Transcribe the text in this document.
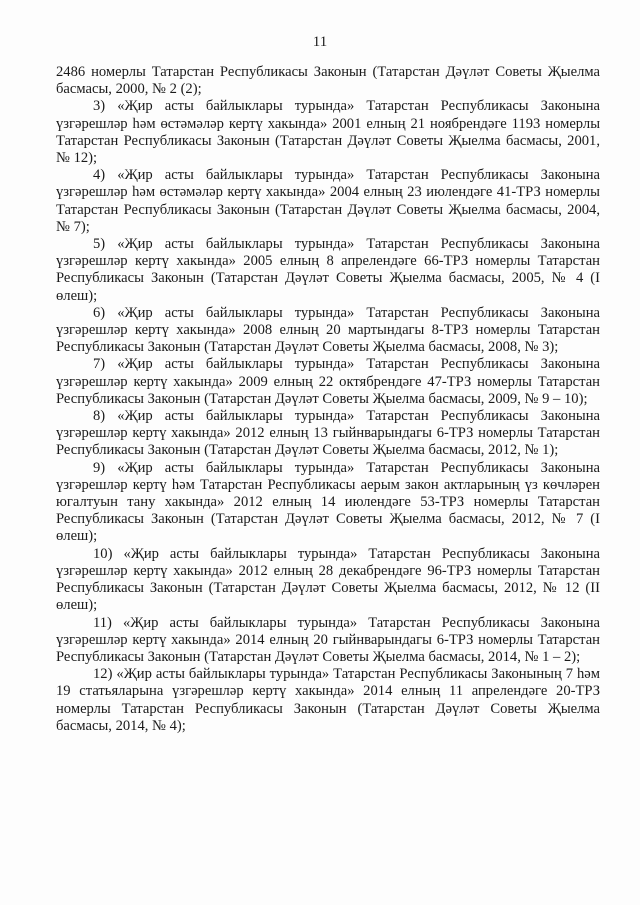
11

2486 номерлы Татарстан Республикасы Законын (Татарстан Дәүләт Советы Җыелма басмасы, 2000, № 2 (2);

3) «Җир асты байлыклары турында» Татарстан Республикасы Законына үзгәрешләр һәм өстәмәләр кертү хакында» 2001 елның 21 ноябрендәге 1193 номерлы Татарстан Республикасы Законын (Татарстан Дәүләт Советы Җыелма басмасы, 2001, № 12);

4) «Җир асты байлыклары турында» Татарстан Республикасы Законына үзгәрешләр һәм өстәмәләр кертү хакында» 2004 елның 23 июлендәге 41-ТРЗ номерлы Татарстан Республикасы Законын (Татарстан Дәүләт Советы Җыелма басмасы, 2004, № 7);

5) «Җир асты байлыклары турында» Татарстан Республикасы Законына үзгәрешләр кертү хакында» 2005 елның 8 апрелендәге 66-ТРЗ номерлы Татарстан Республикасы Законын (Татарстан Дәүләт Советы Җыелма басмасы, 2005, № 4 (I өлеш);

6) «Җир асты байлыклары турында» Татарстан Республикасы Законына үзгәрешләр кертү хакында» 2008 елның 20 мартындагы 8-ТРЗ номерлы Татарстан Республикасы Законын (Татарстан Дәүләт Советы Җыелма басмасы, 2008, № 3);

7) «Җир асты байлыклары турында» Татарстан Республикасы Законына үзгәрешләр кертү хакында» 2009 елның 22 октябрендәге 47-ТРЗ номерлы Татарстан Республикасы Законын (Татарстан Дәүләт Советы Җыелма басмасы, 2009, № 9 – 10);

8) «Җир асты байлыклары турында» Татарстан Республикасы Законына үзгәрешләр кертү хакында» 2012 елның 13 гыйнварындагы 6-ТРЗ номерлы Татарстан Республикасы Законын (Татарстан Дәүләт Советы Җыелма басмасы, 2012, № 1);

9) «Җир асты байлыклары турында» Татарстан Республикасы Законына үзгәрешләр кертү һәм Татарстан Республикасы аерым закон актларының үз көчләрен югалтуын тану хакында» 2012 елның 14 июлендәге 53-ТРЗ номерлы Татарстан Республикасы Законын (Татарстан Дәүләт Советы Җыелма басмасы, 2012, № 7 (I өлеш);

10) «Җир асты байлыклары турында» Татарстан Республикасы Законына үзгәрешләр кертү хакында» 2012 елның 28 декабрендәге 96-ТРЗ номерлы Татарстан Республикасы Законын (Татарстан Дәүләт Советы Җыелма басмасы, 2012, № 12 (II өлеш);

11) «Җир асты байлыклары турында» Татарстан Республикасы Законына үзгәрешләр кертү хакында» 2014 елның 20 гыйнварындагы 6-ТРЗ номерлы Татарстан Республикасы Законын (Татарстан Дәүләт Советы Җыелма басмасы, 2014, № 1 – 2);

12) «Җир асты байлыклары турында» Татарстан Республикасы Законының 7 һәм 19 статьяларына үзгәрешләр кертү хакында» 2014 елның 11 апрелендәге 20-ТРЗ номерлы Татарстан Республикасы Законын (Татарстан Дәүләт Советы Җыелма басмасы, 2014, № 4);
